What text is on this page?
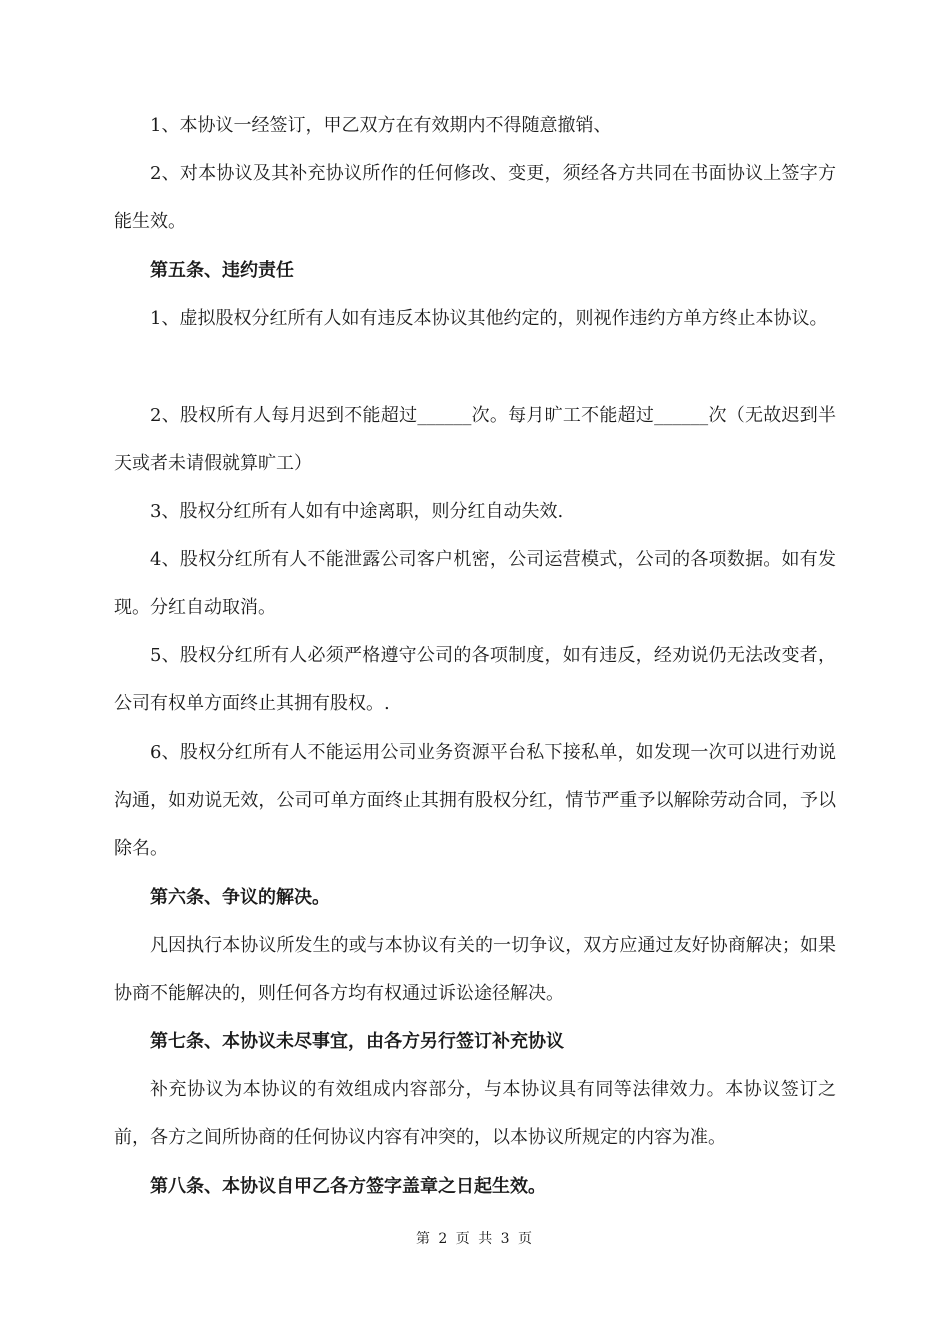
1、本协议一经签订，甲乙双方在有效期内不得随意撤销、

2、对本协议及其补充协议所作的任何修改、变更，须经各方共同在书面协议上签字方能生效。

第五条、违约责任

1、虚拟股权分红所有人如有违反本协议其他约定的，则视作违约方单方终止本协议。

2、股权所有人每月迟到不能超过______次。每月旷工不能超过______次（无故迟到半天或者未请假就算旷工）

3、股权分红所有人如有中途离职，则分红自动失效.

4、股权分红所有人不能泄露公司客户机密，公司运营模式，公司的各项数据。如有发现。分红自动取消。

5、股权分红所有人必须严格遵守公司的各项制度，如有违反，经劝说仍无法改变者，公司有权单方面终止其拥有股权。.

6、股权分红所有人不能运用公司业务资源平台私下接私单，如发现一次可以进行劝说沟通，如劝说无效，公司可单方面终止其拥有股权分红，情节严重予以解除劳动合同，予以除名。

第六条、争议的解决。

凡因执行本协议所发生的或与本协议有关的一切争议，双方应通过友好协商解决；如果协商不能解决的，则任何各方均有权通过诉讼途径解决。

第七条、本协议未尽事宜，由各方另行签订补充协议

补充协议为本协议的有效组成内容部分，与本协议具有同等法律效力。本协议签订之前，各方之间所协商的任何协议内容有冲突的，以本协议所规定的内容为准。

第八条、本协议自甲乙各方签字盖章之日起生效。

第 2 页 共 3 页
